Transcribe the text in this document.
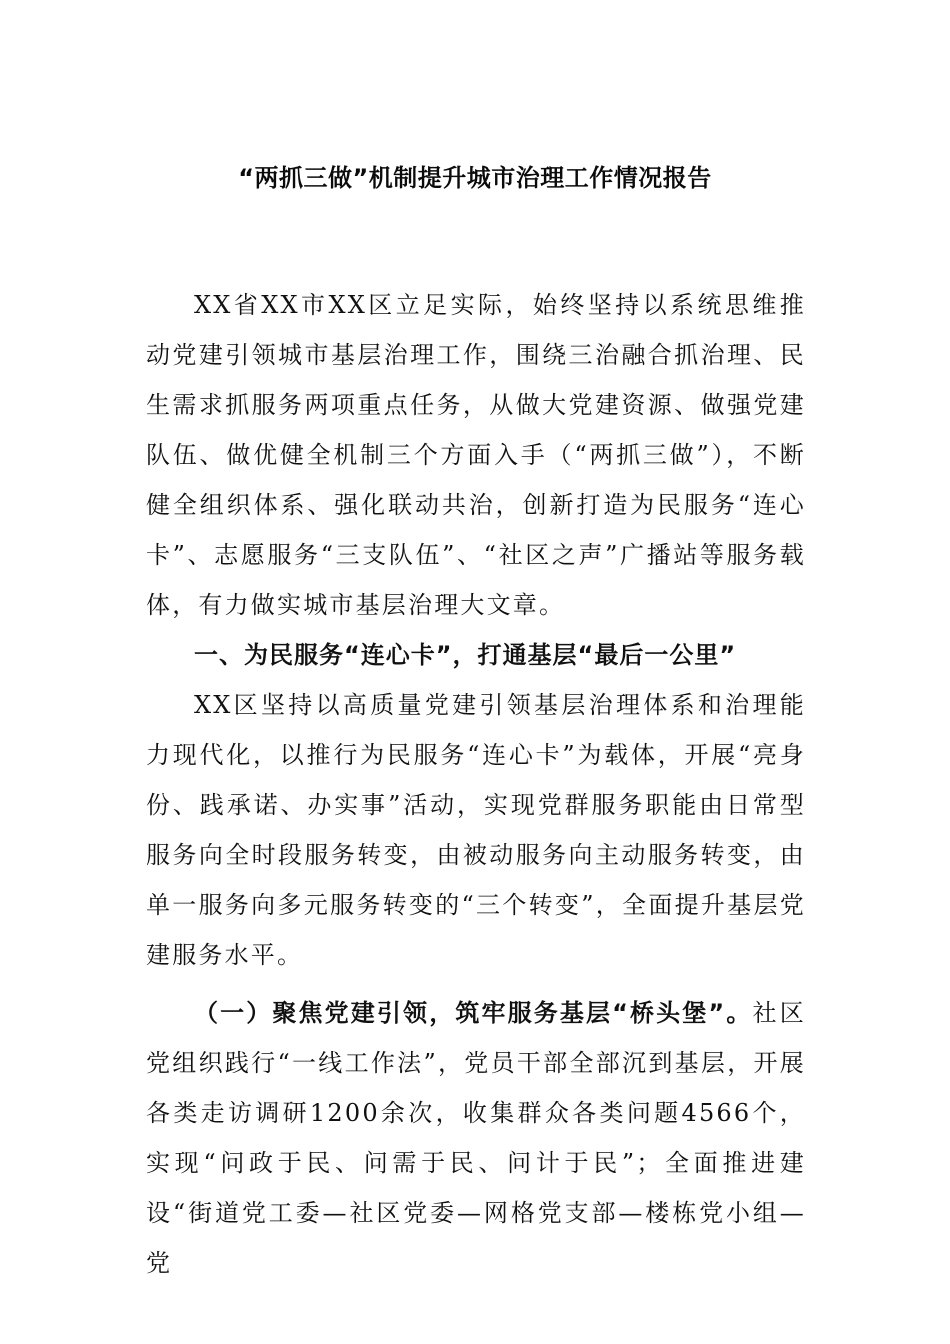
“两抓三做”机制提升城市治理工作情况报告

XX省XX市XX区立足实际，始终坚持以系统思维推动党建引领城市基层治理工作，围绕三治融合抓治理、民生需求抓服务两项重点任务，从做大党建资源、做强党建队伍、做优健全机制三个方面入手（“两抓三做”），不断健全组织体系、强化联动共治，创新打造为民服务“连心卡”、志愿服务“三支队伍”、“社区之声”广播站等服务载体，有力做实城市基层治理大文章。

一、为民服务“连心卡”，打通基层“最后一公里”

XX区坚持以高质量党建引领基层治理体系和治理能力现代化，以推行为民服务“连心卡”为载体，开展“亮身份、践承诺、办实事”活动，实现党群服务职能由日常型服务向全时段服务转变，由被动服务向主动服务转变，由单一服务向多元服务转变的“三个转变”，全面提升基层党建服务水平。

（一）聚焦党建引领，筑牢服务基层“桥头堡”。社区党组织践行“一线工作法”，党员干部全部沉到基层，开展各类走访调研1200余次，收集群众各类问题4566个，实现“问政于民、问需于民、问计于民”；全面推进建设“街道党工委—社区党委—网格党支部—楼栋党小组—党
